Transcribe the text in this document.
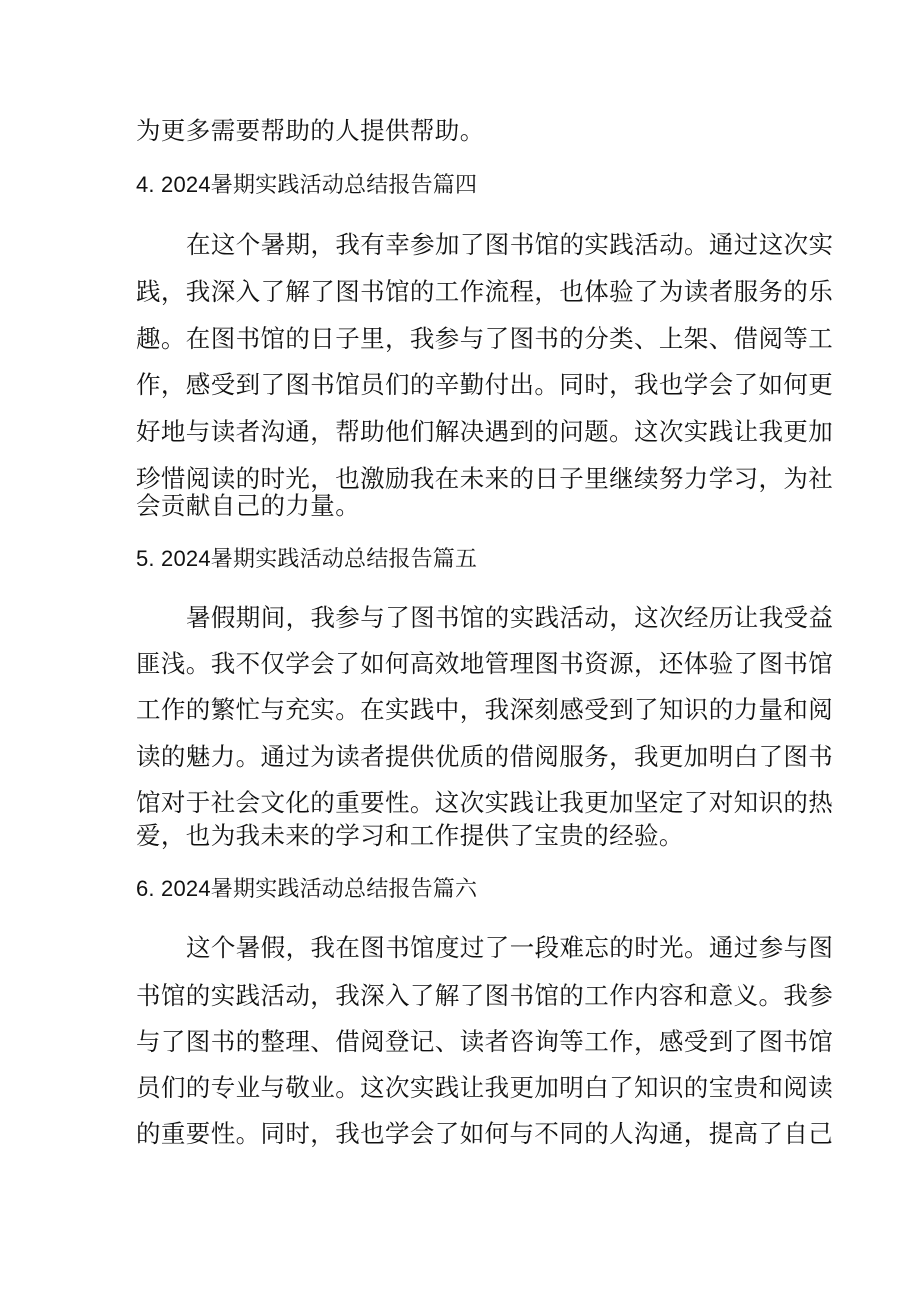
为更多需要帮助的人提供帮助。
4. 2024暑期实践活动总结报告篇四
在这个暑期，我有幸参加了图书馆的实践活动。通过这次实
践，我深入了解了图书馆的工作流程，也体验了为读者服务的乐
趣。在图书馆的日子里，我参与了图书的分类、上架、借阅等工
作，感受到了图书馆员们的辛勤付出。同时，我也学会了如何更
好地与读者沟通，帮助他们解决遇到的问题。这次实践让我更加
珍惜阅读的时光，也激励我在未来的日子里继续努力学习，为社
会贡献自己的力量。
5. 2024暑期实践活动总结报告篇五
暑假期间，我参与了图书馆的实践活动，这次经历让我受益
匪浅。我不仅学会了如何高效地管理图书资源，还体验了图书馆
工作的繁忙与充实。在实践中，我深刻感受到了知识的力量和阅
读的魅力。通过为读者提供优质的借阅服务，我更加明白了图书
馆对于社会文化的重要性。这次实践让我更加坚定了对知识的热
爱，也为我未来的学习和工作提供了宝贵的经验。
6. 2024暑期实践活动总结报告篇六
这个暑假，我在图书馆度过了一段难忘的时光。通过参与图
书馆的实践活动，我深入了解了图书馆的工作内容和意义。我参
与了图书的整理、借阅登记、读者咨询等工作，感受到了图书馆
员们的专业与敬业。这次实践让我更加明白了知识的宝贵和阅读
的重要性。同时，我也学会了如何与不同的人沟通，提高了自己
